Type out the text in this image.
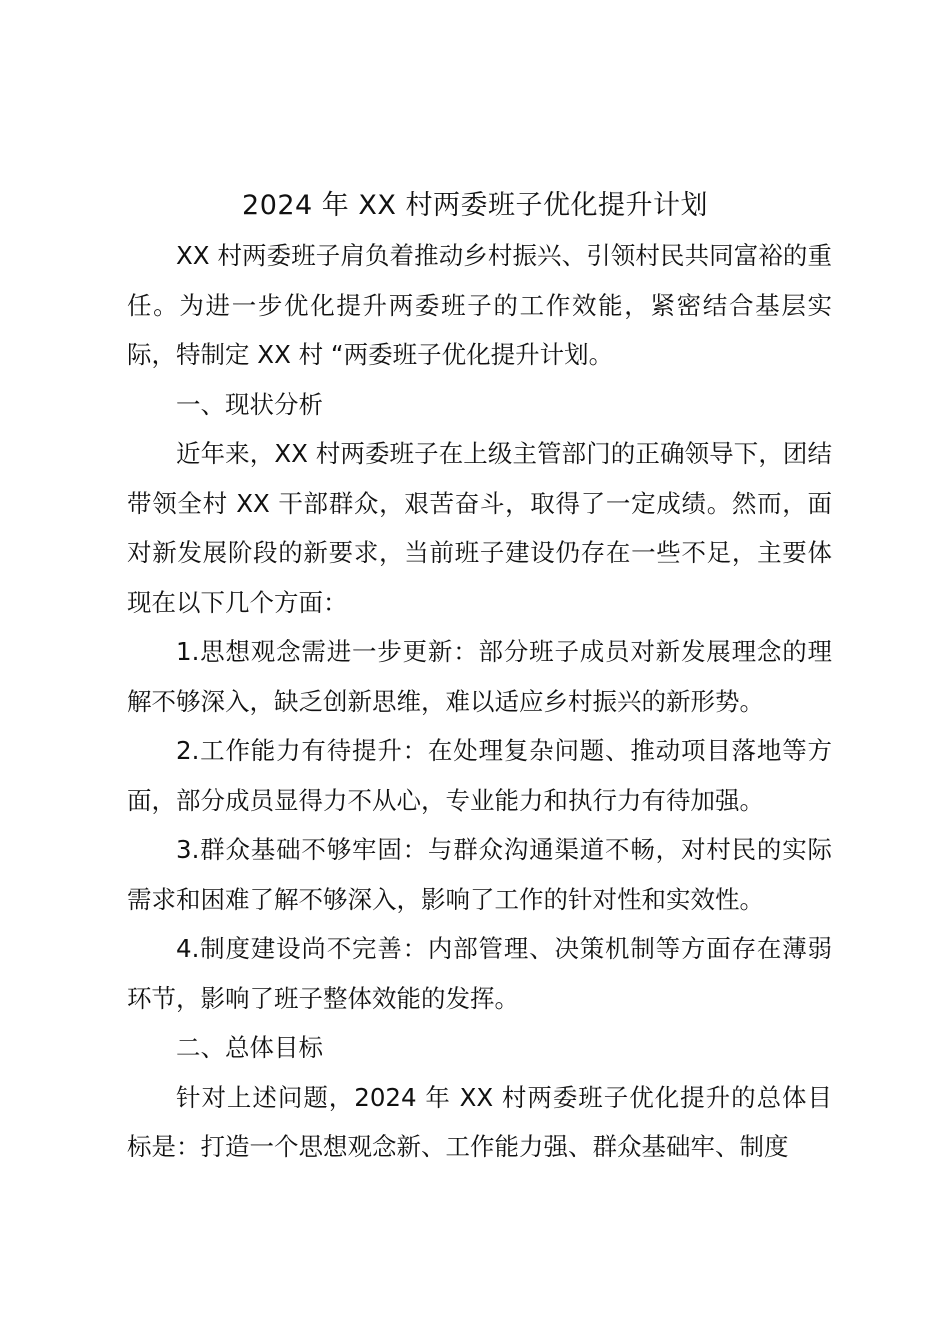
2024 年 XX 村两委班子优化提升计划

XX 村两委班子肩负着推动乡村振兴、引领村民共同富裕的重任。为进一步优化提升两委班子的工作效能，紧密结合基层实际，特制定 XX 村 “两委班子优化提升计划。

一、现状分析

近年来，XX 村两委班子在上级主管部门的正确领导下，团结带领全村 XX 干部群众，艰苦奋斗，取得了一定成绩。然而，面对新发展阶段的新要求，当前班子建设仍存在一些不足，主要体现在以下几个方面：

1.思想观念需进一步更新：部分班子成员对新发展理念的理解不够深入，缺乏创新思维，难以适应乡村振兴的新形势。

2.工作能力有待提升：在处理复杂问题、推动项目落地等方面，部分成员显得力不从心，专业能力和执行力有待加强。

3.群众基础不够牢固：与群众沟通渠道不畅，对村民的实际需求和困难了解不够深入，影响了工作的针对性和实效性。

4.制度建设尚不完善：内部管理、决策机制等方面存在薄弱环节，影响了班子整体效能的发挥。

二、总体目标

针对上述问题，2024 年 XX 村两委班子优化提升的总体目标是：打造一个思想观念新、工作能力强、群众基础牢、制度
